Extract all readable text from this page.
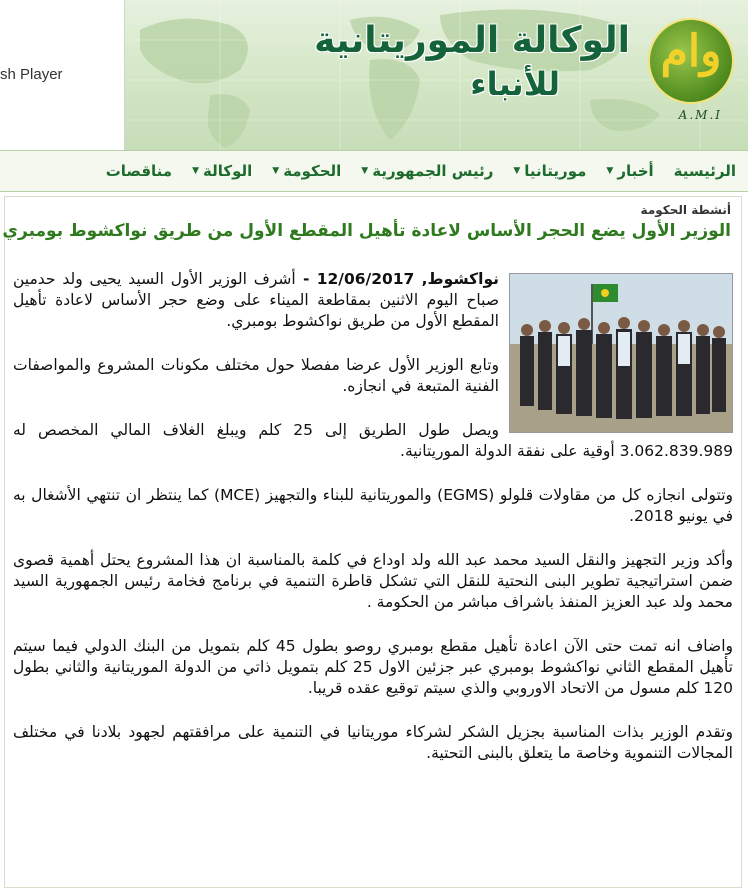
sh Player
الوكالة الموريتانية
للأنباء
وام
A.M.I
الرئيسية
أخبار
▼
موريتانيا
▼
رئيس الجمهورية
▼
الحكومة
▼
الوكالة
▼
مناقصات
أنشطة الحكومة
الوزير الأول يضع الحجر الأساس لاعادة تأهيل المقطع الأول من طريق نواكشوط بومبري

نواكشوط, 12/06/2017 - أشرف الوزير الأول السيد يحيى ولد حدمين صباح اليوم الاثنين بمقاطعة الميناء على وضع حجر الأساس لاعادة تأهيل المقطع الأول من طريق نواكشوط بومبري.

وتابع الوزير الأول عرضا مفصلا حول مختلف مكونات المشروع والمواصفات الفنية المتبعة في انجازه.

ويصل طول الطريق إلى 25 كلم ويبلغ الغلاف المالي المخصص له 3.062.839.989 أوقية على نفقة الدولة الموريتانية.

وتتولى انجازه كل من مقاولات قلولو (EGMS) والموريتانية للبناء والتجهيز (MCE) كما ينتظر ان تنتهي الأشغال به في يونيو 2018.

وأكد وزير التجهيز والنقل السيد محمد عبد الله ولد اوداع في كلمة بالمناسبة ان هذا المشروع يحتل أهمية قصوى ضمن استراتيجية تطوير البنى النحتية للنقل التي تشكل قاطرة التنمية في برنامج فخامة رئيس الجمهورية السيد محمد ولد عبد العزيز المنفذ باشراف مباشر من الحكومة .

واضاف انه تمت حتى الآن اعادة تأهيل مقطع بومبري روصو بطول 45 كلم بتمويل من البنك الدولي فيما سيتم تأهيل المقطع الثاني نواكشوط بومبري عبر جزئين الاول 25 كلم بتمويل ذاتي من الدولة الموريتانية والثاني بطول 120 كلم مسول من الاتحاد الاوروبي والذي سيتم توقيع عقده قريبا.

وتقدم الوزير بذات المناسبة بجزيل الشكر لشركاء موريتانيا في التنمية على مرافقتهم لجهود بلادنا في مختلف المجالات التنموية وخاصة ما يتعلق بالبنى التحتية.
